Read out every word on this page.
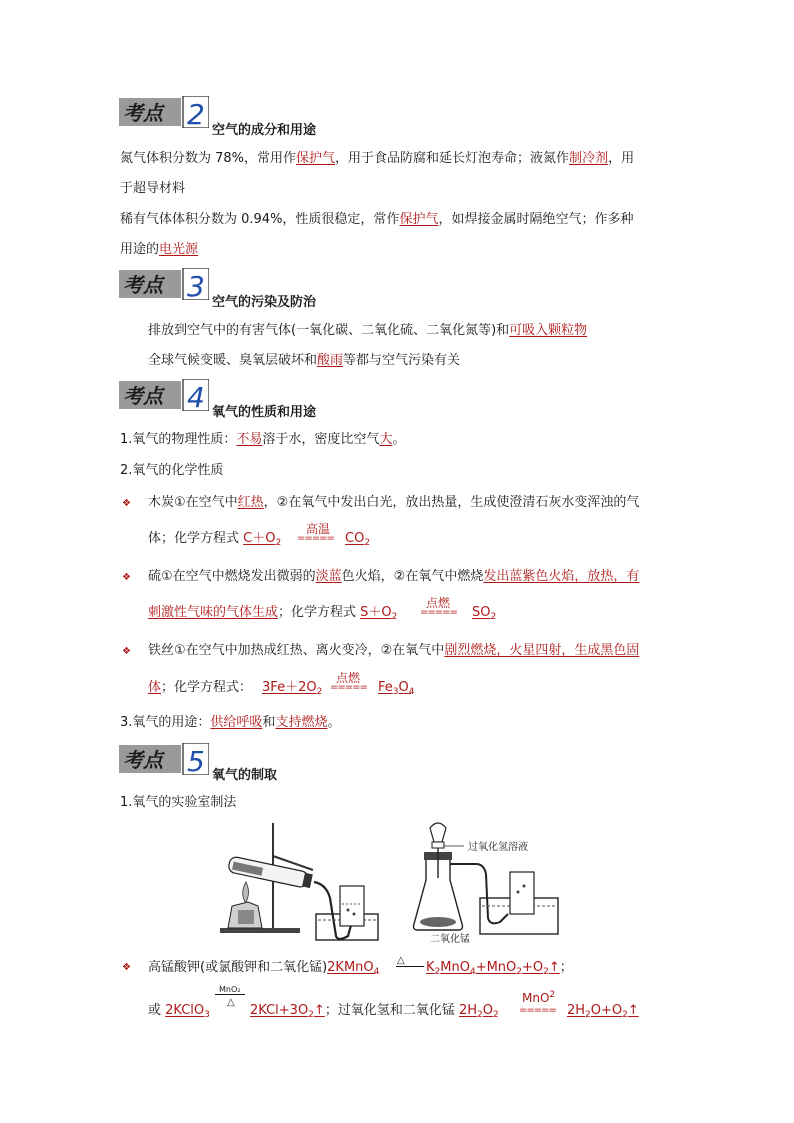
考点 2 空气的成分和用途
考点 3 空气的污染及防治
考点 4 氧气的性质和用途
考点 5 氧气的制取
氮气体积分数为 78%，常用作保护气，用于食品防腐和延长灯泡寿命；液氮作制冷剂，用
于超导材料
稀有气体体积分数为 0.94%，性质很稳定，常作保护气，如焊接金属时隔绝空气；作多种
用途的电光源
排放到空气中的有害气体(一氧化碳、二氧化硫、二氧化氮等)和可吸入颗粒物
全球气候变暖、臭氧层破坏和酸雨等都与空气污染有关
1.氧气的物理性质：不易溶于水，密度比空气大。
2.氧气的化学性质
❖ 木炭①在空气中红热，②在氧气中发出白光，放出热量，生成使澄清石灰水变浑浊的气
体；化学方程式 $C+O_2$
高温
===== $CO_2$
❖ 硫①在空气中燃烧发出微弱的淡蓝色火焰，②在氧气中燃烧发出蓝紫色火焰，放热，有
刺激性气味的气体生成；化学方程式 $S+O_2$
点燃
===== $SO_2$
❖ 铁丝①在空气中加热成红热、离火变冷，②在氧气中剧烈燃烧，火星四射，生成黑色固
体；化学方程式： $3Fe+2O_2$
点燃
===== $Fe_3O_4$
3.氧气的用途：供给呼吸和支持燃烧。
1.氧气的实验室制法
过氧化氢溶液
二氧化锰
❖ 高锰酸钾(或氯酸钾和二氧化锰)2KMnO$_4$
△ $K_2MnO_4+MnO_2+O_2↑$；
或 2KClO$_3$
MnO₂
△
$2KCl+3O_2↑$；过氧化氢和二氧化锰 $2H_2O_2$
MnO$^2$
===== $2H_2O+O_2↑$
